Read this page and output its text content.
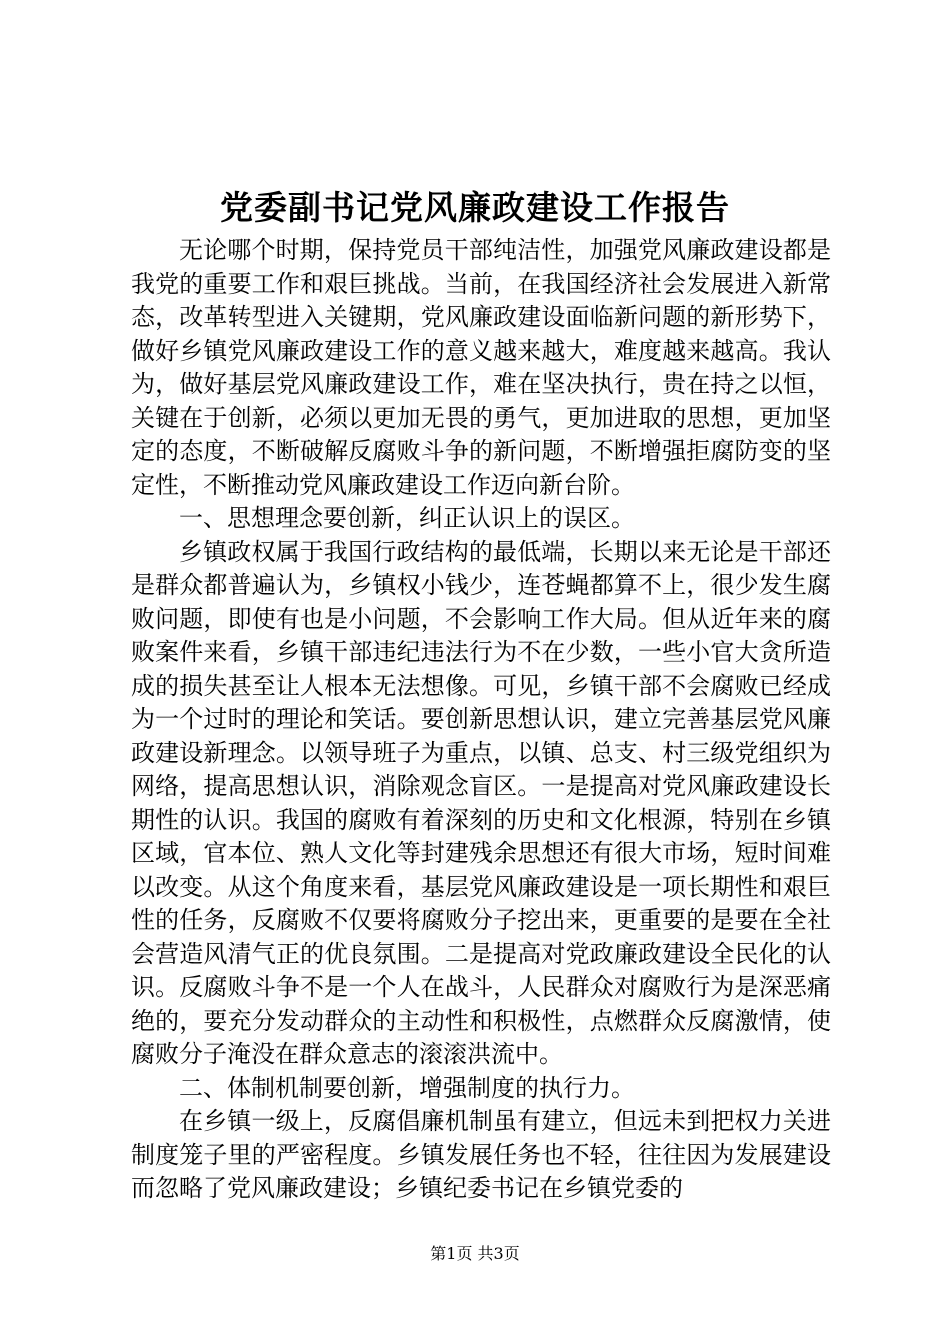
党委副书记党风廉政建设工作报告

无论哪个时期，保持党员干部纯洁性，加强党风廉政建设都是我党的重要工作和艰巨挑战。当前，在我国经济社会发展进入新常态，改革转型进入关键期，党风廉政建设面临新问题的新形势下，做好乡镇党风廉政建设工作的意义越来越大，难度越来越高。我认为，做好基层党风廉政建设工作，难在坚决执行，贵在持之以恒，关键在于创新，必须以更加无畏的勇气，更加进取的思想，更加坚定的态度，不断破解反腐败斗争的新问题，不断增强拒腐防变的坚定性，不断推动党风廉政建设工作迈向新台阶。

一、思想理念要创新，纠正认识上的误区。

乡镇政权属于我国行政结构的最低端，长期以来无论是干部还是群众都普遍认为，乡镇权小钱少，连苍蝇都算不上，很少发生腐败问题，即使有也是小问题，不会影响工作大局。但从近年来的腐败案件来看，乡镇干部违纪违法行为不在少数，一些小官大贪所造成的损失甚至让人根本无法想像。可见，乡镇干部不会腐败已经成为一个过时的理论和笑话。要创新思想认识，建立完善基层党风廉政建设新理念。以领导班子为重点，以镇、总支、村三级党组织为网络，提高思想认识，消除观念盲区。一是提高对党风廉政建设长期性的认识。我国的腐败有着深刻的历史和文化根源，特别在乡镇区域，官本位、熟人文化等封建残余思想还有很大市场，短时间难以改变。从这个角度来看，基层党风廉政建设是一项长期性和艰巨性的任务，反腐败不仅要将腐败分子挖出来，更重要的是要在全社会营造风清气正的优良氛围。二是提高对党政廉政建设全民化的认识。反腐败斗争不是一个人在战斗，人民群众对腐败行为是深恶痛绝的，要充分发动群众的主动性和积极性，点燃群众反腐激情，使腐败分子淹没在群众意志的滚滚洪流中。

二、体制机制要创新，增强制度的执行力。

在乡镇一级上，反腐倡廉机制虽有建立，但远未到把权力关进制度笼子里的严密程度。乡镇发展任务也不轻，往往因为发展建设而忽略了党风廉政建设；乡镇纪委书记在乡镇党委的

第1页 共3页
